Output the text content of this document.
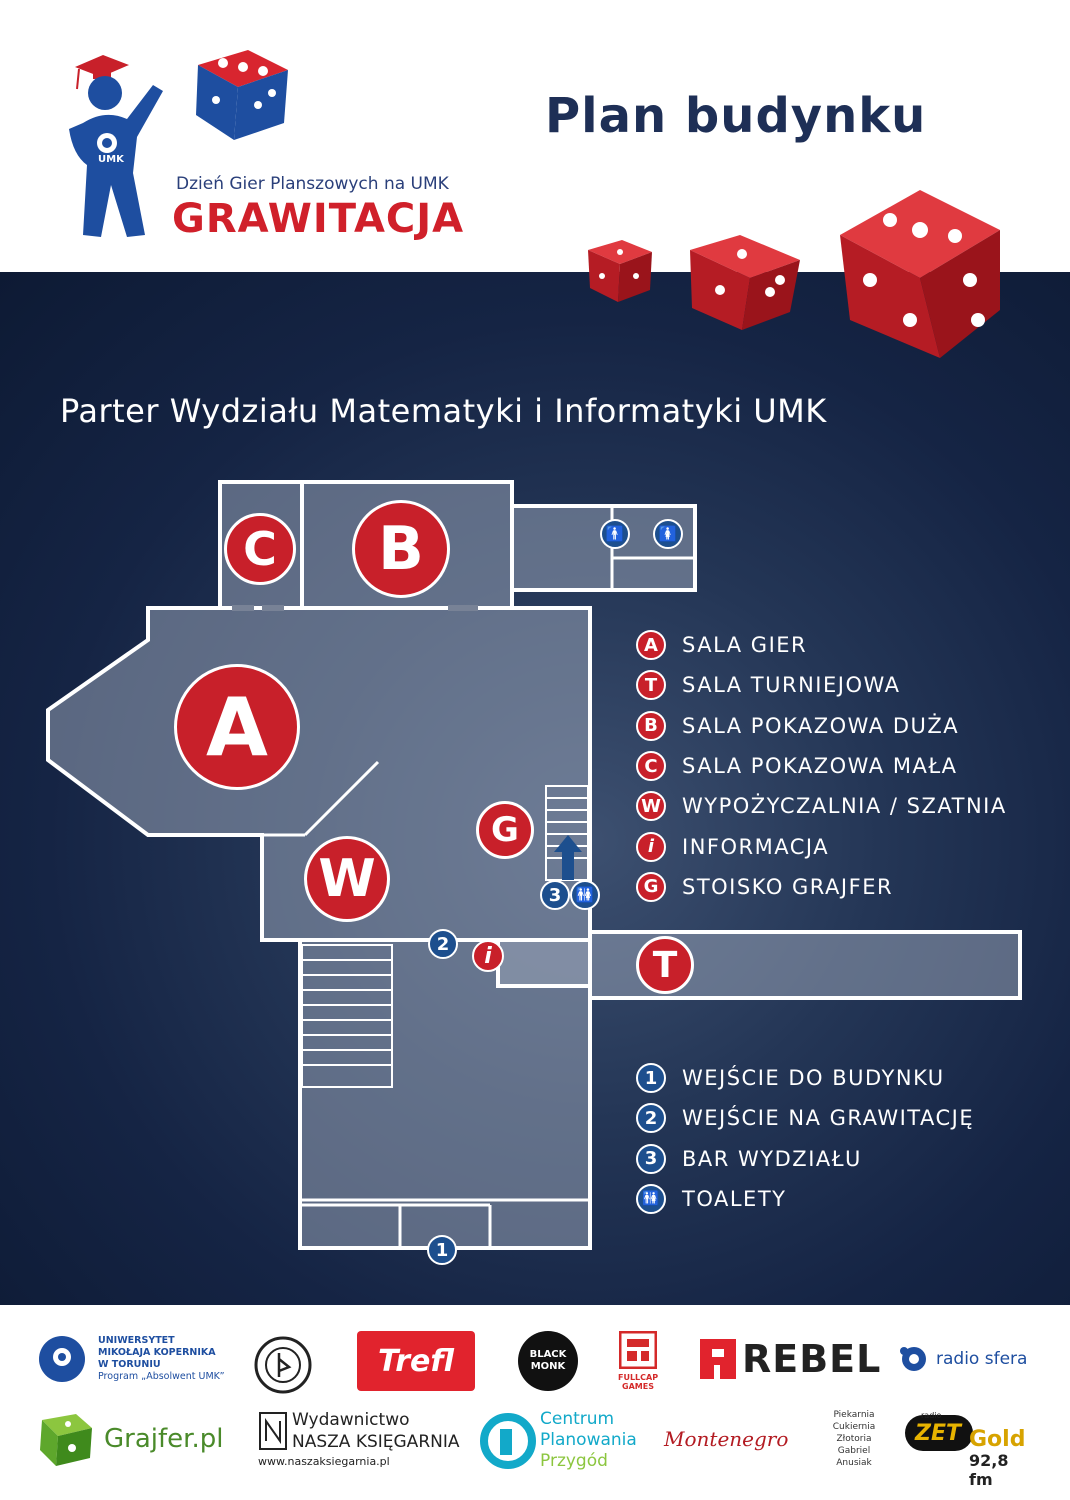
UMK
Dzień Gier Planszowych na UMK
GRAWITACJA
Plan budynku
Parter Wydziału Matematyki i Informatyki UMK
C	B
A
W
G
T
i
2
3
1
🚻
🚹	🚺
A	SALA GIER
T	SALA TURNIEJOWA
B	SALA POKAZOWA DUŻA
C	SALA POKAZOWA MAŁA
W WYPOŻYCZALNIA / SZATNIA
i	INFORMACJA
G	STOISKO GRAJFER
1	WEJŚCIE DO BUDYNKU
2	WEJŚCIE NA GRAWITACJĘ
3	BAR WYDZIAŁU
🚻 TOALETY
UNIWERSYTET
MIKOŁAJA KOPERNIKA
W TORUNIU
Program „Absolwent UMK”	Trefl	BLACK MONK
FULLCAP GAMES
REBEL	radio sfera
Grajfer.pl
Wydawnictwo
NASZA KSIĘGARNIA
www.naszaksiegarnia.pl
Centrum
Planowania
Przygód
Montenegro
Piekarnia
Cukiernia
Złotoria
Gabriel
Anusiak
radio
ZET Gold
92,8 fm
